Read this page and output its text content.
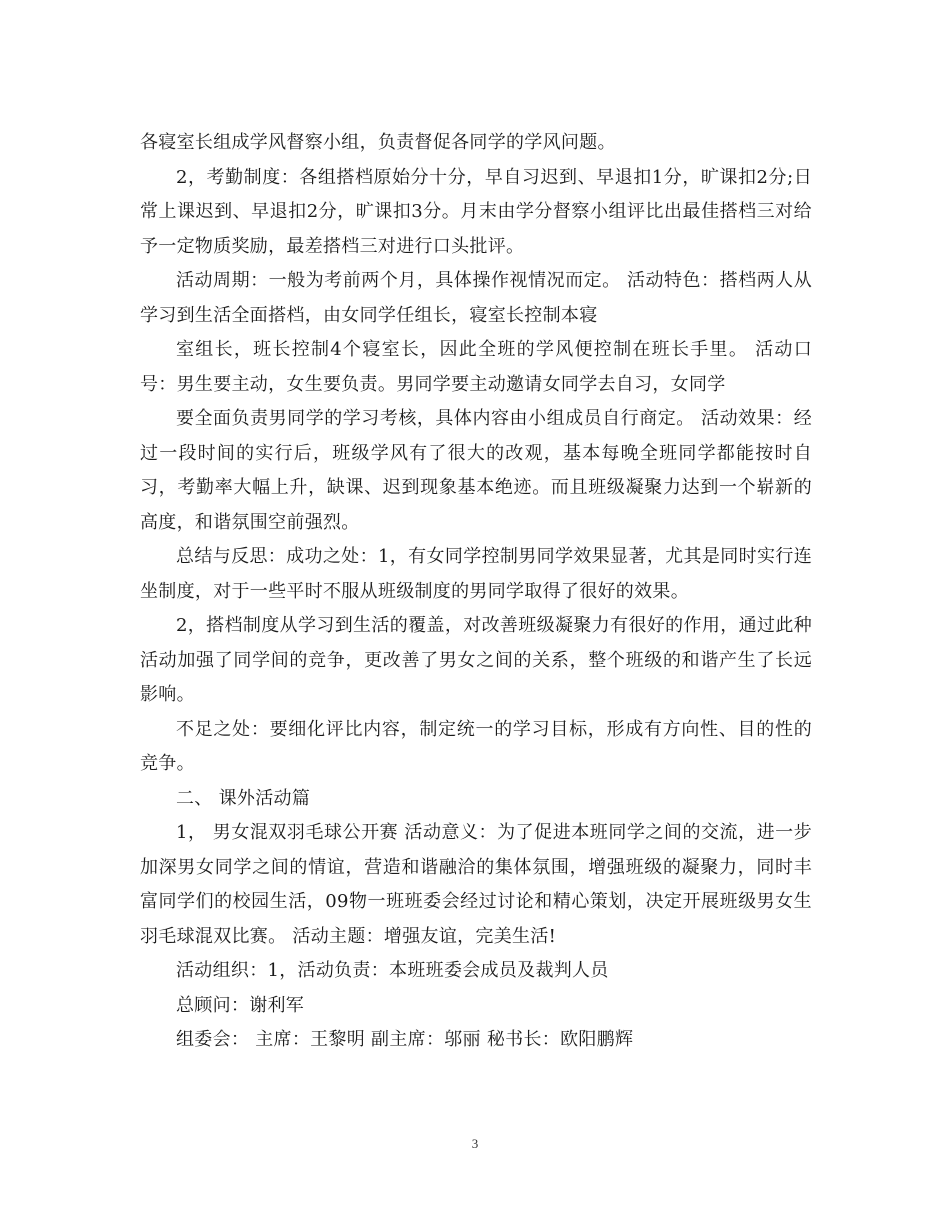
各寝室长组成学风督察小组，负责督促各同学的学风问题。

2，考勤制度：各组搭档原始分十分，早自习迟到、早退扣1分，旷课扣2分;日常上课迟到、早退扣2分，旷课扣3分。月末由学分督察小组评比出最佳搭档三对给予一定物质奖励，最差搭档三对进行口头批评。

活动周期：一般为考前两个月，具体操作视情况而定。 活动特色：搭档两人从学习到生活全面搭档，由女同学任组长，寝室长控制本寝

室组长，班长控制4个寝室长，因此全班的学风便控制在班长手里。 活动口号：男生要主动，女生要负责。男同学要主动邀请女同学去自习，女同学

要全面负责男同学的学习考核，具体内容由小组成员自行商定。 活动效果：经过一段时间的实行后，班级学风有了很大的改观，基本每晚全班同学都能按时自习，考勤率大幅上升，缺课、迟到现象基本绝迹。而且班级凝聚力达到一个崭新的高度，和谐氛围空前强烈。

总结与反思：成功之处：1，有女同学控制男同学效果显著，尤其是同时实行连坐制度，对于一些平时不服从班级制度的男同学取得了很好的效果。

2，搭档制度从学习到生活的覆盖，对改善班级凝聚力有很好的作用，通过此种活动加强了同学间的竞争，更改善了男女之间的关系，整个班级的和谐产生了长远影响。

不足之处：要细化评比内容，制定统一的学习目标，形成有方向性、目的性的竞争。

二、 课外活动篇

1， 男女混双羽毛球公开赛 活动意义：为了促进本班同学之间的交流，进一步加深男女同学之间的情谊，营造和谐融洽的集体氛围，增强班级的凝聚力，同时丰富同学们的校园生活，09物一班班委会经过讨论和精心策划，决定开展班级男女生羽毛球混双比赛。 活动主题：增强友谊，完美生活!

活动组织：1，活动负责：本班班委会成员及裁判人员

总顾问：谢利军

组委会： 主席：王黎明 副主席：邬丽 秘书长：欧阳鹏辉

3
